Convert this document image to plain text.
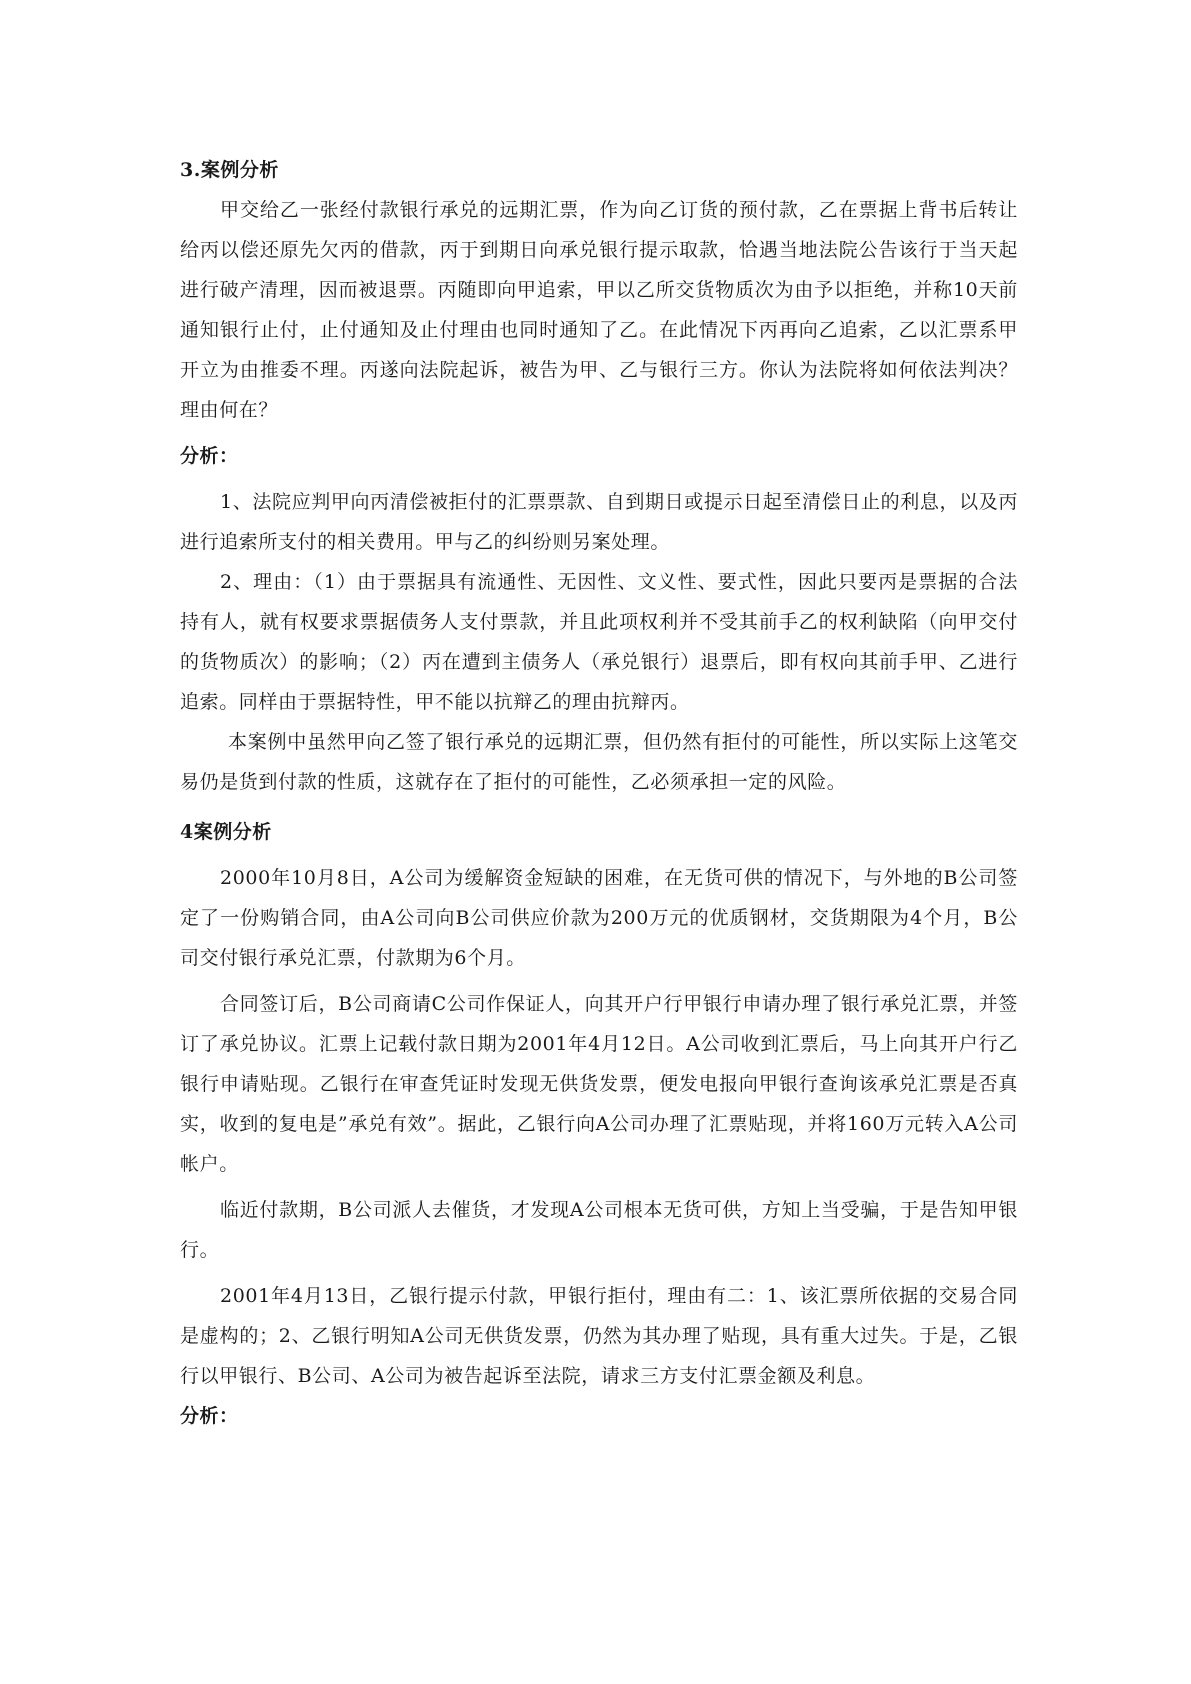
3.案例分析

甲交给乙一张经付款银行承兑的远期汇票，作为向乙订货的预付款，乙在票据上背书后转让给丙以偿还原先欠丙的借款，丙于到期日向承兑银行提示取款，恰遇当地法院公告该行于当天起进行破产清理，因而被退票。丙随即向甲追索，甲以乙所交货物质次为由予以拒绝，并称10天前通知银行止付，止付通知及止付理由也同时通知了乙。在此情况下丙再向乙追索，乙以汇票系甲开立为由推委不理。丙遂向法院起诉，被告为甲、乙与银行三方。你认为法院将如何依法判决？理由何在？

分析：

1、法院应判甲向丙清偿被拒付的汇票票款、自到期日或提示日起至清偿日止的利息，以及丙进行追索所支付的相关费用。甲与乙的纠纷则另案处理。

2、理由：（1）由于票据具有流通性、无因性、文义性、要式性，因此只要丙是票据的合法持有人，就有权要求票据债务人支付票款，并且此项权利并不受其前手乙的权利缺陷（向甲交付的货物质次）的影响；（2）丙在遭到主债务人（承兑银行）退票后，即有权向其前手甲、乙进行追索。同样由于票据特性，甲不能以抗辩乙的理由抗辩丙。

本案例中虽然甲向乙签了银行承兑的远期汇票，但仍然有拒付的可能性，所以实际上这笔交易仍是货到付款的性质，这就存在了拒付的可能性，乙必须承担一定的风险。

4案例分析

2000年10月8日，A公司为缓解资金短缺的困难，在无货可供的情况下，与外地的B公司签定了一份购销合同，由A公司向B公司供应价款为200万元的优质钢材，交货期限为4个月，B公司交付银行承兑汇票，付款期为6个月。

合同签订后，B公司商请C公司作保证人，向其开户行甲银行申请办理了银行承兑汇票，并签订了承兑协议。汇票上记载付款日期为2001年4月12日。A公司收到汇票后，马上向其开户行乙银行申请贴现。乙银行在审查凭证时发现无供货发票，便发电报向甲银行查询该承兑汇票是否真实，收到的复电是”承兑有效”。据此，乙银行向A公司办理了汇票贴现，并将160万元转入A公司帐户。

临近付款期，B公司派人去催货，才发现A公司根本无货可供，方知上当受骗，于是告知甲银行。

2001年4月13日，乙银行提示付款，甲银行拒付，理由有二：1、该汇票所依据的交易合同是虚构的；2、乙银行明知A公司无供货发票，仍然为其办理了贴现，具有重大过失。于是，乙银行以甲银行、B公司、A公司为被告起诉至法院，请求三方支付汇票金额及利息。

分析：
